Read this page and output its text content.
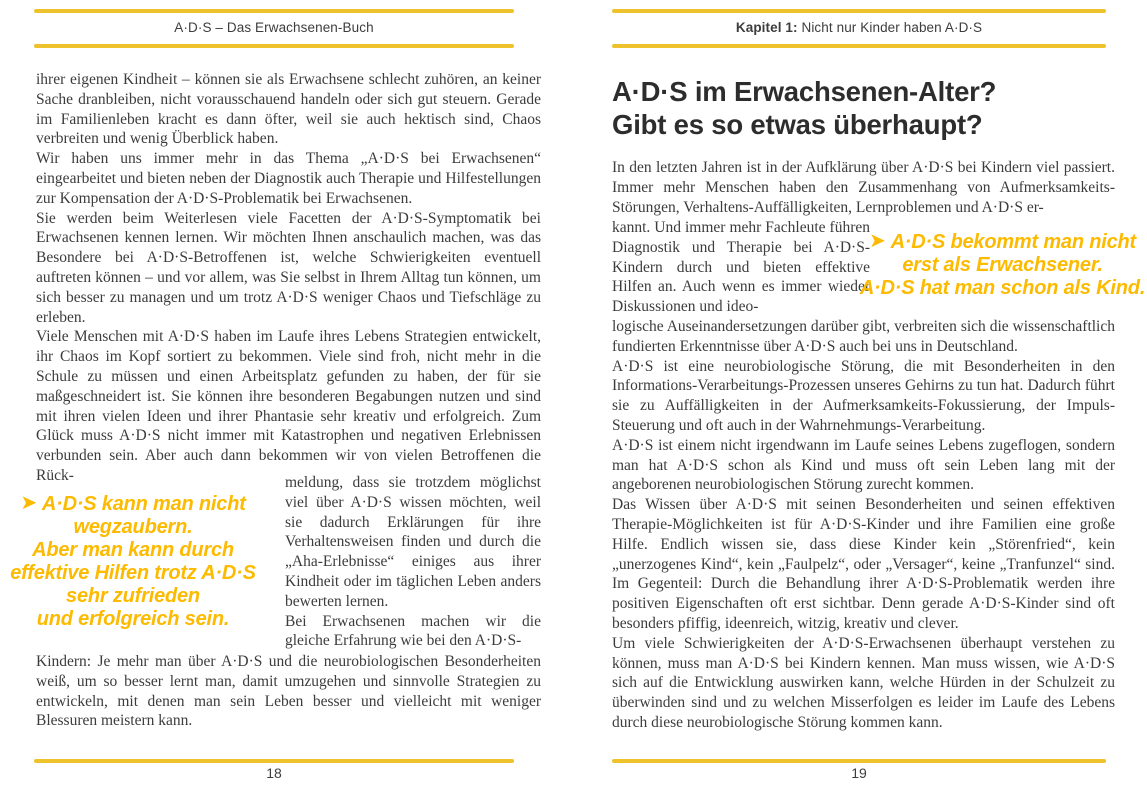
A·D·S – Das Erwachsenen-Buch

ihrer eigenen Kindheit – können sie als Erwachsene schlecht zuhören, an keiner Sache dranbleiben, nicht vorausschauend handeln oder sich gut steuern. Gerade im Familienleben kracht es dann öfter, weil sie auch hektisch sind, Chaos verbreiten und wenig Überblick haben.

Wir haben uns immer mehr in das Thema „A·D·S bei Erwachsenen“ eingearbeitet und bieten neben der Diagnostik auch Therapie und Hilfestellungen zur Kompensation der A·D·S-Problematik bei Erwachsenen.

Sie werden beim Weiterlesen viele Facetten der A·D·S-Symptomatik bei Erwachsenen kennen lernen. Wir möchten Ihnen anschaulich machen, was das Besondere bei A·D·S-Betroffenen ist, welche Schwierigkeiten eventuell auftreten können – und vor allem, was Sie selbst in Ihrem Alltag tun können, um sich besser zu managen und um trotz A·D·S weniger Chaos und Tiefschläge zu erleben.

Viele Menschen mit A·D·S haben im Laufe ihres Lebens Strategien entwickelt, ihr Chaos im Kopf sortiert zu bekommen. Viele sind froh, nicht mehr in die Schule zu müssen und einen Arbeitsplatz gefunden zu haben, der für sie maßgeschneidert ist. Sie können ihre besonderen Begabungen nutzen und sind mit ihren vielen Ideen und ihrer Phantasie sehr kreativ und erfolgreich. Zum Glück muss A·D·S nicht immer mit Katastrophen und negativen Erlebnissen verbunden sein. Aber auch dann bekommen wir von vielen Betroffenen die Rück-

➤ A·D·S kann man nicht
wegzaubern.
Aber man kann durch
effektive Hilfen trotz A·D·S
sehr zufrieden
und erfolgreich sein.

meldung, dass sie trotzdem möglichst viel über A·D·S wissen möchten, weil sie dadurch Erklärungen für ihre Verhaltensweisen finden und durch die „Aha-Erlebnisse“ einiges aus ihrer Kindheit oder im täglichen Leben anders bewerten lernen.

Bei Erwachsenen machen wir die gleiche Erfahrung wie bei den A·D·S-

Kindern: Je mehr man über A·D·S und die neurobiologischen Besonderheiten weiß, um so besser lernt man, damit umzugehen und sinnvolle Strategien zu entwickeln, mit denen man sein Leben besser und vielleicht mit weniger Blessuren meistern kann.

18
Kapitel 1: Nicht nur Kinder haben A·D·S
A·D·S im Erwachsenen-Alter?
Gibt es so etwas überhaupt?

In den letzten Jahren ist in der Aufklärung über A·D·S bei Kindern viel passiert. Immer mehr Menschen haben den Zusammenhang von Aufmerksamkeits-Störungen, Verhaltens-Auffälligkeiten, Lernproblemen und A·D·S er-

kannt. Und immer mehr Fachleute führen Diagnostik und Therapie bei A·D·S-Kindern durch und bieten effektive Hilfen an. Auch wenn es immer wieder Diskussionen und ideo-

➤ A·D·S bekommt man nicht
erst als Erwachsener.
A·D·S hat man schon als Kind.

logische Auseinandersetzungen darüber gibt, verbreiten sich die wissenschaftlich fundierten Erkenntnisse über A·D·S auch bei uns in Deutschland.

A·D·S ist eine neurobiologische Störung, die mit Besonderheiten in den Informations-Verarbeitungs-Prozessen unseres Gehirns zu tun hat. Dadurch führt sie zu Auffälligkeiten in der Aufmerksamkeits-Fokussierung, der Impuls-Steuerung und oft auch in der Wahrnehmungs-Verarbeitung.

A·D·S ist einem nicht irgendwann im Laufe seines Lebens zugeflogen, sondern man hat A·D·S schon als Kind und muss oft sein Leben lang mit der angeborenen neurobiologischen Störung zurecht kommen.

Das Wissen über A·D·S mit seinen Besonderheiten und seinen effektiven Therapie-Möglichkeiten ist für A·D·S-Kinder und ihre Familien eine große Hilfe. Endlich wissen sie, dass diese Kinder kein „Störenfried“, kein „unerzogenes Kind“, kein „Faulpelz“, oder „Versager“, keine „Tranfunzel“ sind. Im Gegenteil: Durch die Behandlung ihrer A·D·S-Problematik werden ihre positiven Eigenschaften oft erst sichtbar. Denn gerade A·D·S-Kinder sind oft besonders pfiffig, ideenreich, witzig, kreativ und clever.

Um viele Schwierigkeiten der A·D·S-Erwachsenen überhaupt verstehen zu können, muss man A·D·S bei Kindern kennen. Man muss wissen, wie A·D·S sich auf die Entwicklung auswirken kann, welche Hürden in der Schulzeit zu überwinden sind und zu welchen Misserfolgen es leider im Laufe des Lebens durch diese neurobiologische Störung kommen kann.

19
